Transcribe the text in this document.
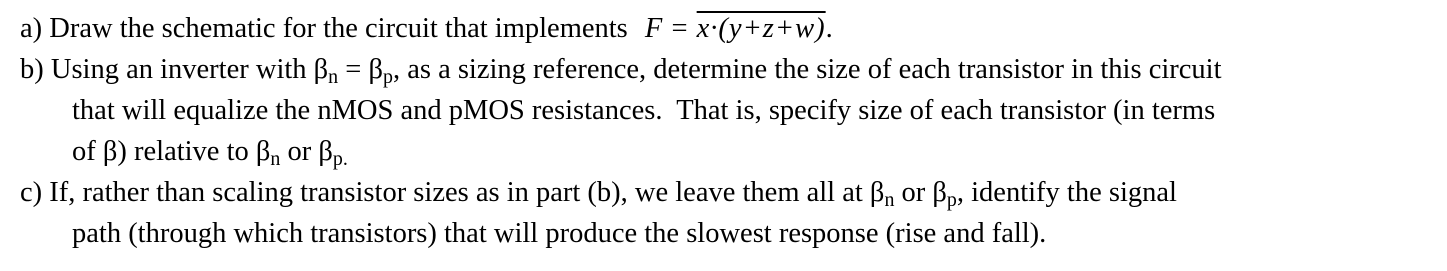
a) Draw the schematic for the circuit that implements F = x·(y+z+w).
b) Using an inverter with $\beta_n = \beta_p$, as a sizing reference, determine the size of each transistor in this circuit
that will equalize the nMOS and pMOS resistances.  That is, specify size of each transistor (in terms
of β) relative to $\beta_n$ or $\beta_{p.}$
c) If, rather than scaling transistor sizes as in part (b), we leave them all at $\beta_n$ or $\beta_p$, identify the signal
path (through which transistors) that will produce the slowest response (rise and fall).
